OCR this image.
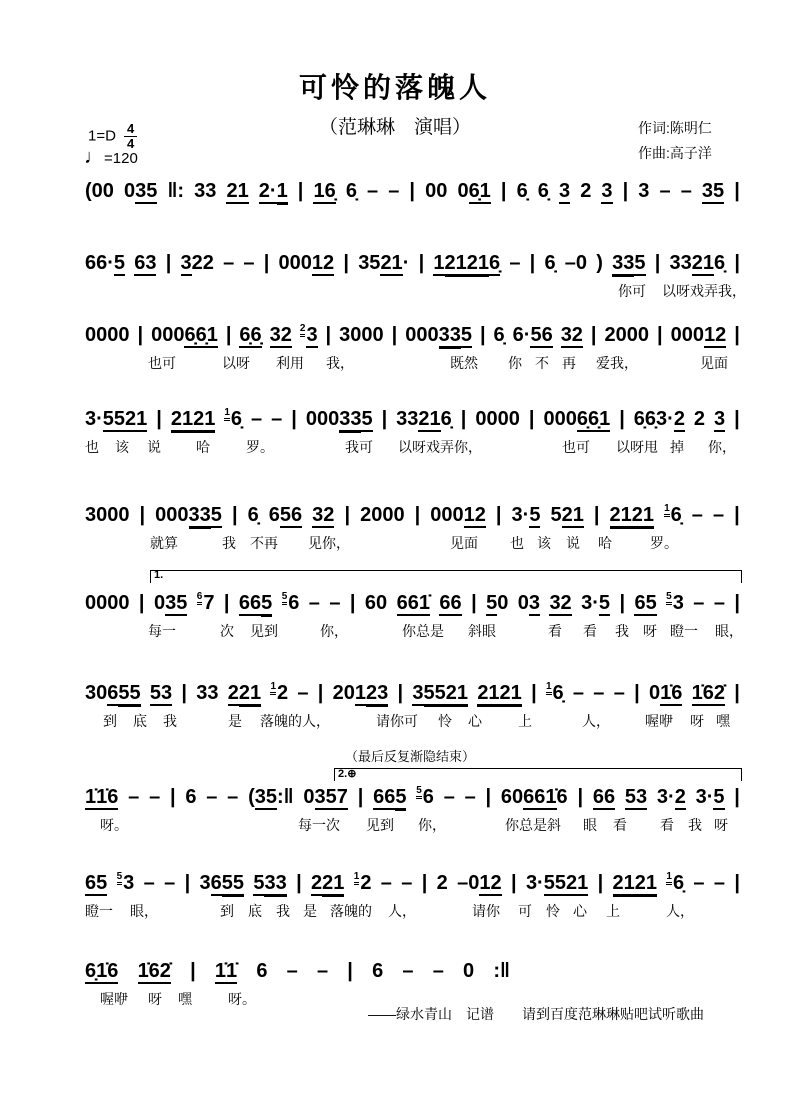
可怜的落魄人
（范琳琳　演唱）	作词:陈明仁
作曲:高子洋
$1=D \frac{4}{4}$
♩=120
1.
（最后反复渐隐结束）
2.⊕
(00 035 ‖: 33 21 2·1 | 16̣ 6̣ – – | 00 06̣1 | 6̣ 6̣ 3 2 3 | 3 – – 35 |
66·5 63 | 322 – – | 00012 | 3521· | 121216̣ – | 6̣ –0 ) 335 | 33216̣ |
你可 以呀戏弄我，
0000 | 0006̣6̣1 | 6̣6̣ 32 $^2$3 | 3000 | 000335 | 6̣ 6·56 32 | 2000 | 00012 |
也可	以呀 利用 我，	既然 你 不 再 爱我，	见面
3·5521 | 2121 $^1$6̣ – – | 000335 | 33216̣ | 0000 | 0006̣6̣1 | 6̣6̣3·2 2 3 |
也 该 说	哈	罗。	我可 以呀戏弄你，	也可 以呀甩 掉 你，
3000 | 000335 | 6̣ 656 32 | 2000 | 00012 | 3·5 521 | 2121 $^1$6̣ – – |
就算	我 不再 见你，	见面 也 该 说 哈	罗。
0000 | 035 $^6$7 | 665 $^5$6 – – | 60 661̇ 66 | 50 03 32 3·5 | 65 $^5$3 – – |
每一	次 见到	你，	你总是 斜眼	看 看 我 呀 瞪一 眼，
30655 53 | 33 221 $^1$2 – | 20123 | 35521 2121 | $^1$6̣ – – – | 01̇6 1̇62̇ |
到 底 我	是 落魄的人，	请你可 怜 心	上	人，	喔咿 呀 嘿
1̇1̇6 – – | 6 – – (35:‖ 0357 | 665 $^5$6 – – | 60661̇6 | 66 53 3·2 3·5 |
呀。	每一次 见到 你，	你总是斜 眼 看 看 我 呀
65 $^5$3 – – | 3655 533 | 221 $^1$2 – – | 2 –012 | 3·5521 | 2121 $^1$6̣ – – |
瞪一 眼，	到 底 我 是 落魄的 人，	请你 可 怜 心 上	人，
6̣1̇6 1̇62̇ | 1̇1̇ 6 – – | 6 – – 0 :‖
喔咿 呀 嘿	呀。
——绿水青山　记谱　　请到百度范琳琳贴吧试听歌曲
